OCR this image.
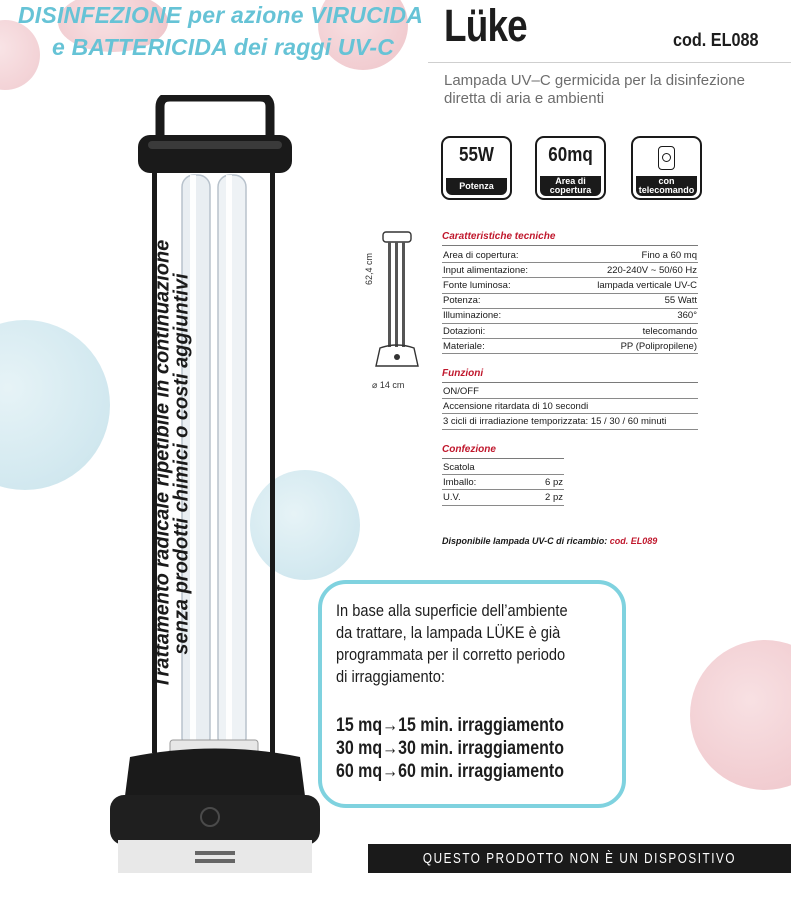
DISINFEZIONE per azione VIRUCIDA
e BATTERICIDA dei raggi UV-C Lüke	cod. EL088
Lampada UV–C germicida per la disinfezione diretta di aria e ambienti
55W
Potenza
60mq
Area di copertura
con telecomando
62,4 cm
⌀ 14 cm
Caratteristiche tecniche
Area di copertura:	Fino a 60 mq
Input alimentazione:	220-240V ~ 50/60 Hz
Fonte luminosa:	lampada verticale UV-C
Potenza:	55 Watt
Illuminazione:	360°
Dotazioni:	telecomando
Materiale:	PP (Polipropilene)
Funzioni
ON/OFF
Accensione ritardata di 10 secondi
3 cicli di irradiazione temporizzata: 15 / 30 / 60 minuti
Confezione
Scatola	
Imballo:	6 pz
U.V.	2 pz
Disponibile lampada UV-C di ricambio: cod. EL089
Trattamento radicale ripetibile in continuazione
senza prodotti chimici o costi aggiuntivi	In base alla superficie dell’ambiente
da trattare, la lampada LÜKE è già
programmata per il corretto periodo
di irraggiamento:
15 mq→15 min. irraggiamento
30 mq→30 min. irraggiamento
60 mq→60 min. irraggiamento
QUESTO PRODOTTO NON È UN DISPOSITIVO MEDICO
